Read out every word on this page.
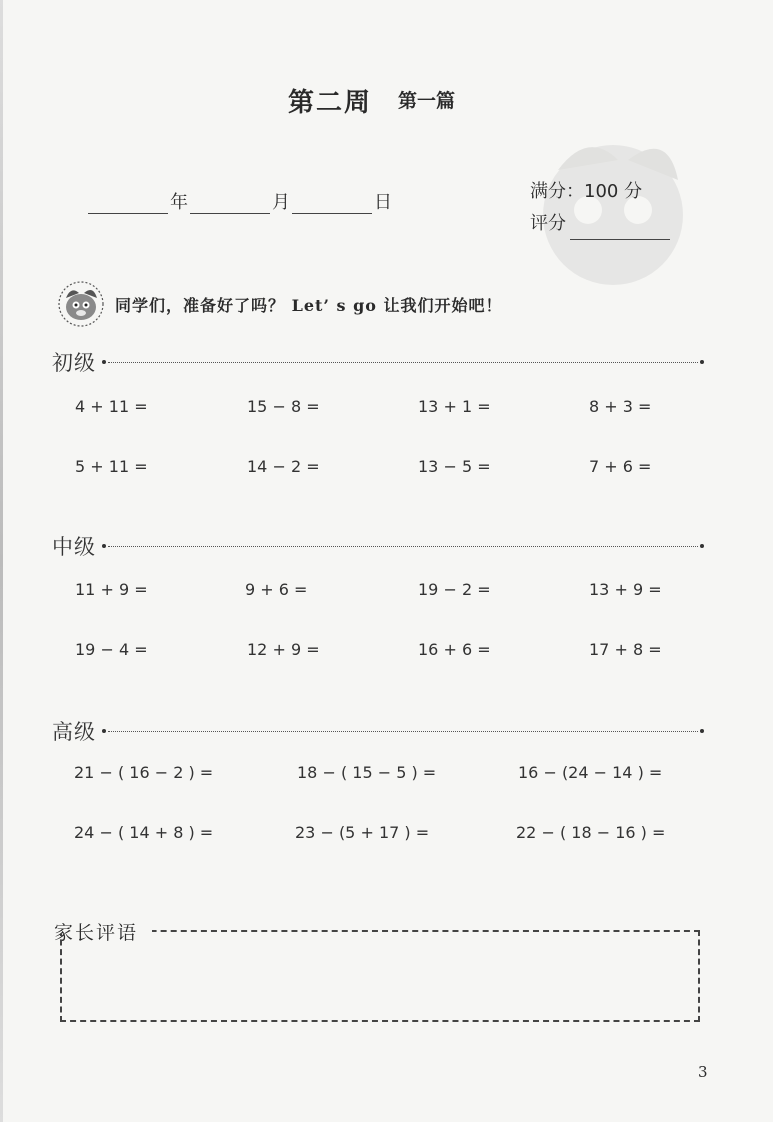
第二周 第一篇
年	月	日
满分：100 分
评分
同学们，准备好了吗？ Let’ s go 让我们开始吧！
初级
4 + 11 =	15 − 8 =	13 + 1 =	8 + 3 =
5 + 11 =	14 − 2 =	13 − 5 =	7 + 6 =
中级
11 + 9 =	9 + 6 =	19 − 2 =	13 + 9 =
19 − 4 =	12 + 9 =	16 + 6 =	17 + 8 =
高级
21 − ( 16 − 2 ) =	18 − ( 15 − 5 ) =	16 − (24 − 14 ) =
24 − ( 14 + 8 ) =	23 − (5 + 17 ) =	22 − ( 18 − 16 ) =
家长评语
3
